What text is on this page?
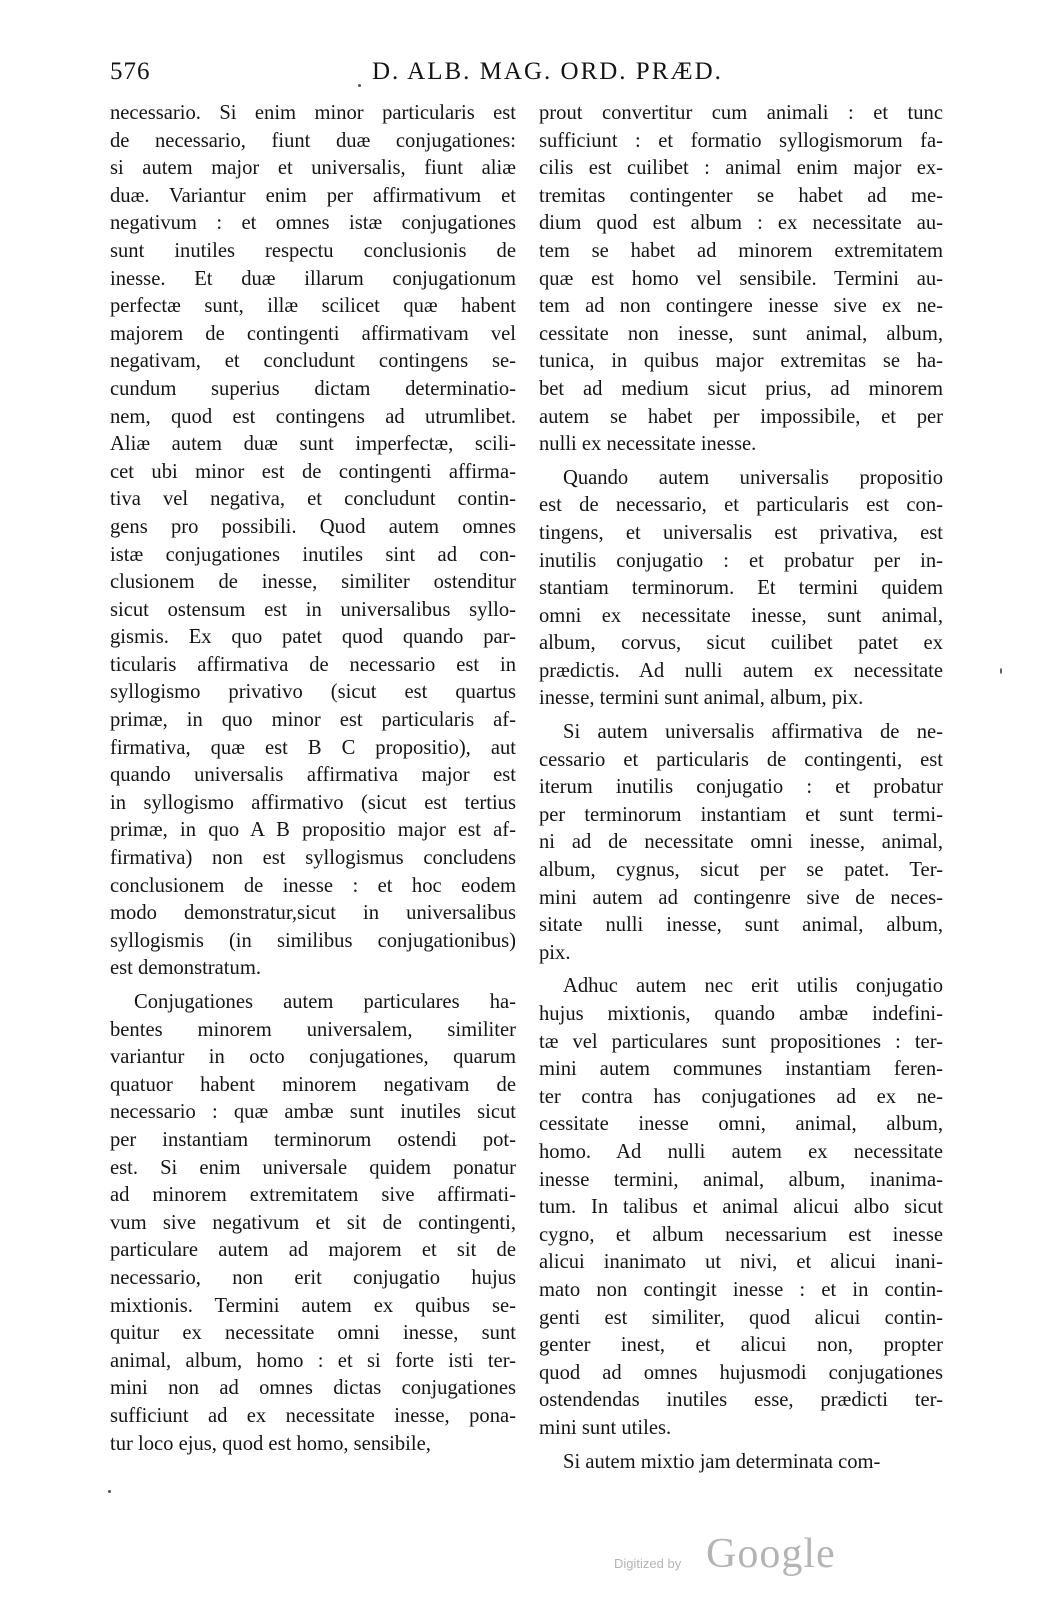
576	D. ALB. MAG. ORD. PRÆD.
necessario. Si enim minor particularis est
de necessario, fiunt duæ conjugationes:
si autem major et universalis, fiunt aliæ
duæ. Variantur enim per affirmativum et
negativum : et omnes istæ conjugationes
sunt inutiles respectu conclusionis de
inesse. Et duæ illarum conjugationum
perfectæ sunt, illæ scilicet quæ habent
majorem de contingenti affirmativam vel
negativam, et concludunt contingens se-
cundum superius dictam determinatio-
nem, quod est contingens ad utrumlibet.
Aliæ autem duæ sunt imperfectæ, scili-
cet ubi minor est de contingenti affirma-
tiva vel negativa, et concludunt contin-
gens pro possibili. Quod autem omnes
istæ conjugationes inutiles sint ad con-
clusionem de inesse, similiter ostenditur
sicut ostensum est in universalibus syllo-
gismis. Ex quo patet quod quando par-
ticularis affirmativa de necessario est in
syllogismo privativo (sicut est quartus
primæ, in quo minor est particularis af-
firmativa, quæ est B C propositio), aut
quando universalis affirmativa major est
in syllogismo affirmativo (sicut est tertius
primæ, in quo A B propositio major est af-
firmativa) non est syllogismus concludens
conclusionem de inesse : et hoc eodem
modo demonstratur,sicut in universalibus
syllogismis (in similibus conjugationibus)
est demonstratum.
Conjugationes autem particulares ha-
bentes minorem universalem, similiter
variantur in octo conjugationes, quarum
quatuor habent minorem negativam de
necessario : quæ ambæ sunt inutiles sicut
per instantiam terminorum ostendi pot-
est. Si enim universale quidem ponatur
ad minorem extremitatem sive affirmati-
vum sive negativum et sit de contingenti,
particulare autem ad majorem et sit de
necessario, non erit conjugatio hujus
mixtionis. Termini autem ex quibus se-
quitur ex necessitate omni inesse, sunt
animal, album, homo : et si forte isti ter-
mini non ad omnes dictas conjugationes
sufficiunt ad ex necessitate inesse, pona-
tur loco ejus, quod est homo, sensibile,
prout convertitur cum animali : et tunc
sufficiunt : et formatio syllogismorum fa-
cilis est cuilibet : animal enim major ex-
tremitas contingenter se habet ad me-
dium quod est album : ex necessitate au-
tem se habet ad minorem extremitatem
quæ est homo vel sensibile. Termini au-
tem ad non contingere inesse sive ex ne-
cessitate non inesse, sunt animal, album,
tunica, in quibus major extremitas se ha-
bet ad medium sicut prius, ad minorem
autem se habet per impossibile, et per
nulli ex necessitate inesse.
Quando autem universalis propositio
est de necessario, et particularis est con-
tingens, et universalis est privativa, est
inutilis conjugatio : et probatur per in-
stantiam terminorum. Et termini quidem
omni ex necessitate inesse, sunt animal,
album, corvus, sicut cuilibet patet ex
prædictis. Ad nulli autem ex necessitate
inesse, termini sunt animal, album, pix.
Si autem universalis affirmativa de ne-
cessario et particularis de contingenti, est
iterum inutilis conjugatio : et probatur
per terminorum instantiam et sunt termi-
ni ad de necessitate omni inesse, animal,
album, cygnus, sicut per se patet. Ter-
mini autem ad contingenre sive de neces-
sitate nulli inesse, sunt animal, album,
pix.
Adhuc autem nec erit utilis conjugatio
hujus mixtionis, quando ambæ indefini-
tæ vel particulares sunt propositiones : ter-
mini autem communes instantiam feren-
ter contra has conjugationes ad ex ne-
cessitate inesse omni, animal, album,
homo. Ad nulli autem ex necessitate
inesse termini, animal, album, inanima-
tum. In talibus et animal alicui albo sicut
cygno, et album necessarium est inesse
alicui inanimato ut nivi, et alicui inani-
mato non contingit inesse : et in contin-
genti est similiter, quod alicui contin-
genter inest, et alicui non, propter
quod ad omnes hujusmodi conjugationes
ostendendas inutiles esse, prædicti ter-
mini sunt utiles.
Si autem mixtio jam determinata com-
Digitized by Google
